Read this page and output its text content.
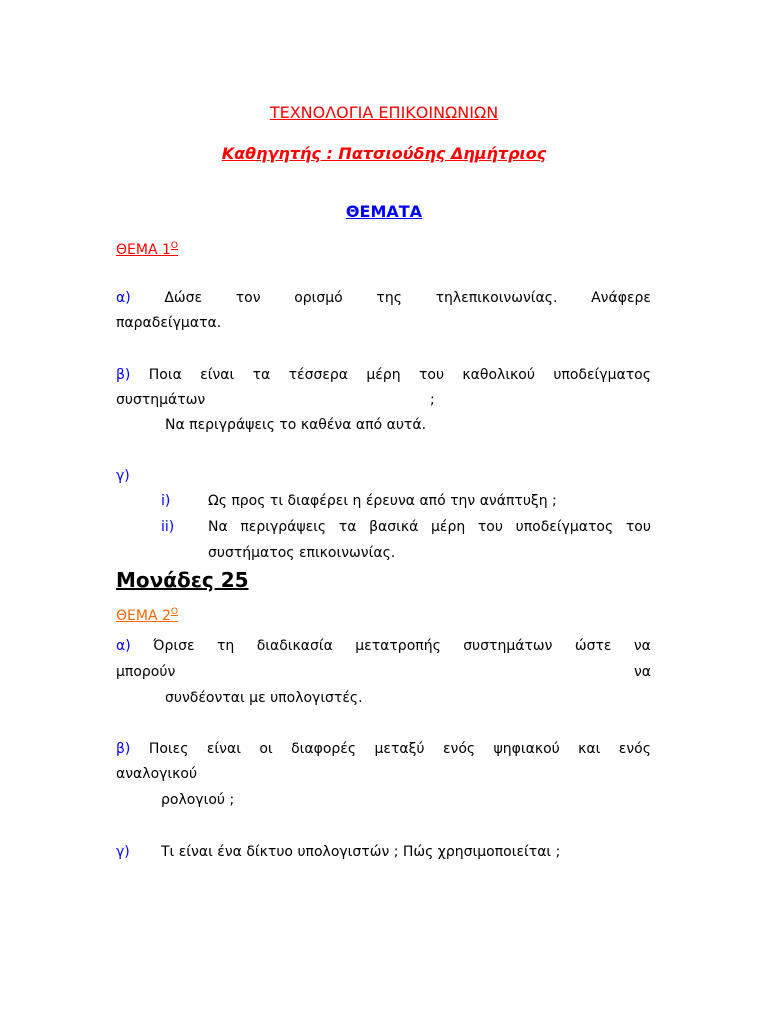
ΤΕΧΝΟΛΟΓΙΑ ΕΠΙΚΟΙΝΩΝΙΩΝ
Καθηγητής : Πατσιούδης Δημήτριος
ΘΕΜΑΤΑ
ΘΕΜΑ $1^O$
α) Δώσε τον ορισμό της τηλεπικοινωνίας. Ανάφερε
παραδείγματα.
β) Ποια είναι τα τέσσερα μέρη του καθολικού υποδείγματος
συστημάτων	;
Να περιγράψεις το καθένα από αυτά.
γ)
i)	Ως προς τι διαφέρει η έρευνα από την ανάπτυξη ;
ii) Να περιγράψεις τα βασικά μέρη του υποδείγματος του
συστήματος επικοινωνίας.
Μονάδες 25
ΘΕΜΑ $2^O$
α) Όρισε τη διαδικασία μετατροπής συστημάτων ώστε να
μπορούν	να
συνδέονται με υπολογιστές.
β) Ποιες είναι οι διαφορές μεταξύ ενός ψηφιακού και ενός
αναλογικού
ρολογιού ;
γ) Τι είναι ένα δίκτυο υπολογιστών ; Πώς χρησιμοποιείται ;
